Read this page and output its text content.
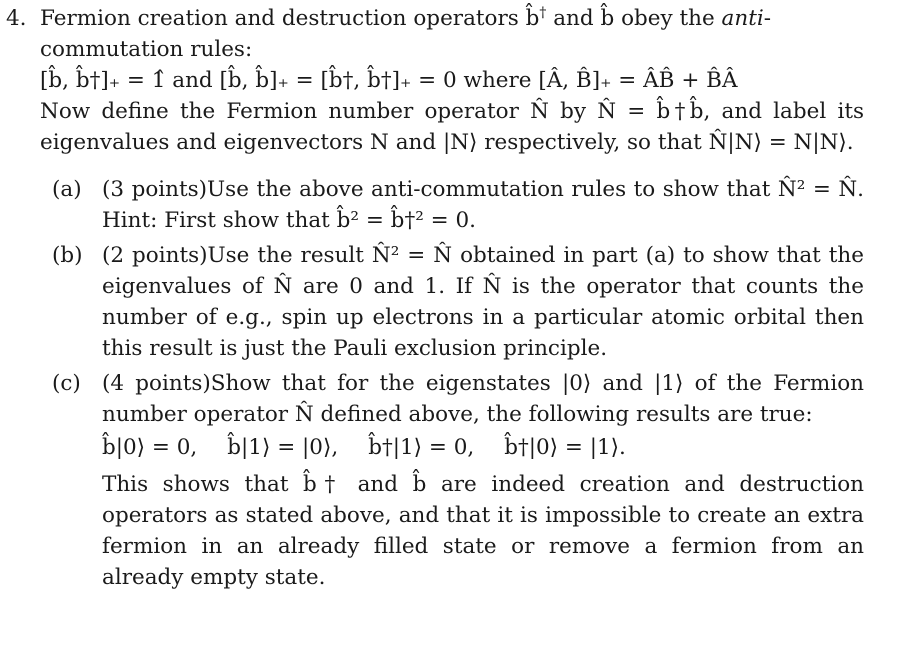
4. Fermion creation and destruction operators b̂† and b̂ obey the anti-commutation rules:
[b̂, b̂†]₊ = 1̂ and [b̂, b̂]₊ = [b̂†, b̂†]₊ = 0 where [Â, B̂]₊ = ÂB̂ + B̂Â
Now define the Fermion number operator N̂ by N̂ = b̂†b̂, and label its eigenvalues and eigenvectors N and |N⟩ respectively, so that N̂|N⟩ = N|N⟩.
(a) (3 points)Use the above anti-commutation rules to show that N̂² = N̂. Hint: First show that b̂² = b̂†² = 0.
(b) (2 points)Use the result N̂² = N̂ obtained in part (a) to show that the eigenvalues of N̂ are 0 and 1. If N̂ is the operator that counts the number of e.g., spin up electrons in a particular atomic orbital then this result is just the Pauli exclusion principle.
(c) (4 points)Show that for the eigenstates |0⟩ and |1⟩ of the Fermion number operator N̂ defined above, the following results are true:
b̂|0⟩ = 0, b̂|1⟩ = |0⟩, b̂†|1⟩ = 0, b̂†|0⟩ = |1⟩.
This shows that b̂† and b̂ are indeed creation and destruction operators as stated above, and that it is impossible to create an extra fermion in an already filled state or remove a fermion from an already empty state.
